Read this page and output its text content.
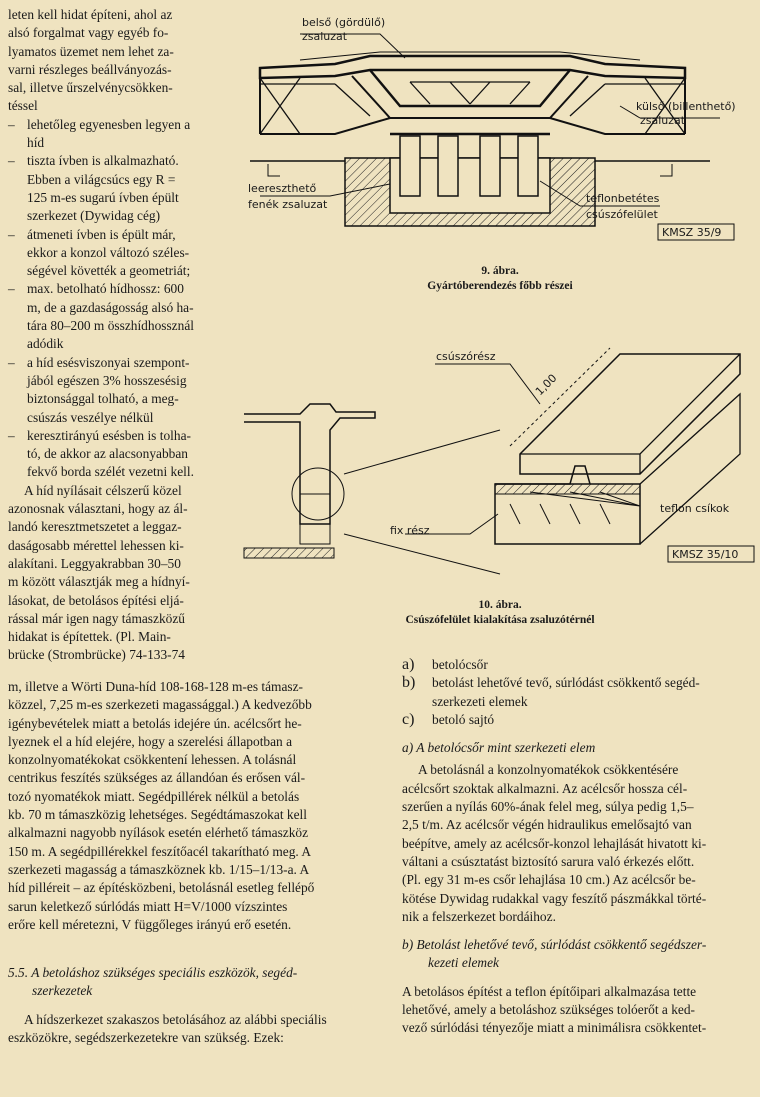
leten kell hidat építeni, ahol az
alsó forgalmat vagy egyéb fo-
lyamatos üzemet nem lehet za-
varni részleges beállványozás-
sal, illetve űrszelvénycsökken-
téssel
– lehetőleg egyenesben legyen a
híd
– tiszta ívben is alkalmazható.
Ebben a világcsúcs egy R =
125 m-es sugarú ívben épült
szerkezet (Dywidag cég)
– átmeneti ívben is épült már,
ekkor a konzol változó széles-
ségével követték a geometriát;
– max. betolható hídhossz: 600
m, de a gazdaságosság alsó ha-
tára 80–200 m összhídhossznál
adódik
– a híd esésviszonyai szempont-
jából egészen 3% hosszesésig
biztonsággal tolható, a meg-
csúszás veszélye nélkül
– keresztirányú esésben is tolha-
tó, de akkor az alacsonyabban
fekvő borda szélét vezetni kell.
A híd nyílásait célszerű közel
azonosnak választani, hogy az ál-
landó keresztmetszetet a leggaz-
daságosabb mérettel lehessen ki-
alakítani. Leggyakrabban 30–50
m között választják meg a hídnyí-
lásokat, de betolásos építési eljá-
rással már igen nagy támaszközű
hidakat is építettek. (Pl. Main-
brücke (Strombrücke) 74-133-74
belső (gördülő)
zsaluzat
külső (billenthető)
zsaluzat
leereszthető
fenék zsaluzat	teflonbetétes
csúszófelület
KMSZ 35/9
9. ábra.
Gyártóberendezés főbb részei
csúszórész
1,00
teflon csíkok
fix rész
KMSZ 35/10
10. ábra.
Csúszófelület kialakítása zsaluzótérnél
m, illetve a Wörti Duna-híd 108-168-128 m-es támasz-
közzel, 7,25 m-es szerkezeti magassággal.) A kedvezőbb
igénybevételek miatt a betolás idejére ún. acélcsőrt he-
lyeznek el a híd elejére, hogy a szerelési állapotban a
konzolnyomatékokat csökkentení lehessen. A tolásnál
centrikus feszítés szükséges az állandóan és erősen vál-
tozó nyomatékok miatt. Segédpillérek nélkül a betolás
kb. 70 m támaszközig lehetséges. Segédtámaszokat kell
alkalmazni nagyobb nyílások esetén elérhető támaszköz
150 m. A segédpillérekkel feszítőacél takarítható meg. A
szerkezeti magasság a támaszköznek kb. 1/15–1/13-a. A
híd pilléreit – az építésközbeni, betolásnál esetleg fellépő
sarun keletkező súrlódás miatt H=V/1000 vízszintes
erőre kell méretezni, V függőleges irányú erő esetén.
5.5. A betoláshoz szükséges speciális eszközök, segéd-
szerkezetek
A hídszerkezet szakaszos betolásához az alábbi speciális
eszközökre, segédszerkezetekre van szükség. Ezek:
a)	betolócsőr
b)	betolást lehetővé tevő, súrlódást csökkentő segéd-
szerkezeti elemek
c)	betoló sajtó
a) A betolócsőr mint szerkezeti elem
A betolásnál a konzolnyomatékok csökkentésére
acélcsőrt szoktak alkalmazni. Az acélcsőr hossza cél-
szerűen a nyílás 60%-ának felel meg, súlya pedig 1,5–
2,5 t/m. Az acélcsőr végén hidraulikus emelősajtó van
beépítve, amely az acélcsőr-konzol lehajlását hivatott ki-
váltani a csúsztatást biztosító sarura való érkezés előtt.
(Pl. egy 31 m-es csőr lehajlása 10 cm.) Az acélcsőr be-
kötése Dywidag rudakkal vagy feszítő pászmákkal törté-
nik a felszerkezet bordáihoz.
b) Betolást lehetővé tevő, súrlódást csökkentő segédszer-
kezeti elemek
A betolásos építést a teflon építőipari alkalmazása tette
lehetővé, amely a betoláshoz szükséges tolóerőt a ked-
vező súrlódási tényezője miatt a minimálisra csökkentet-
